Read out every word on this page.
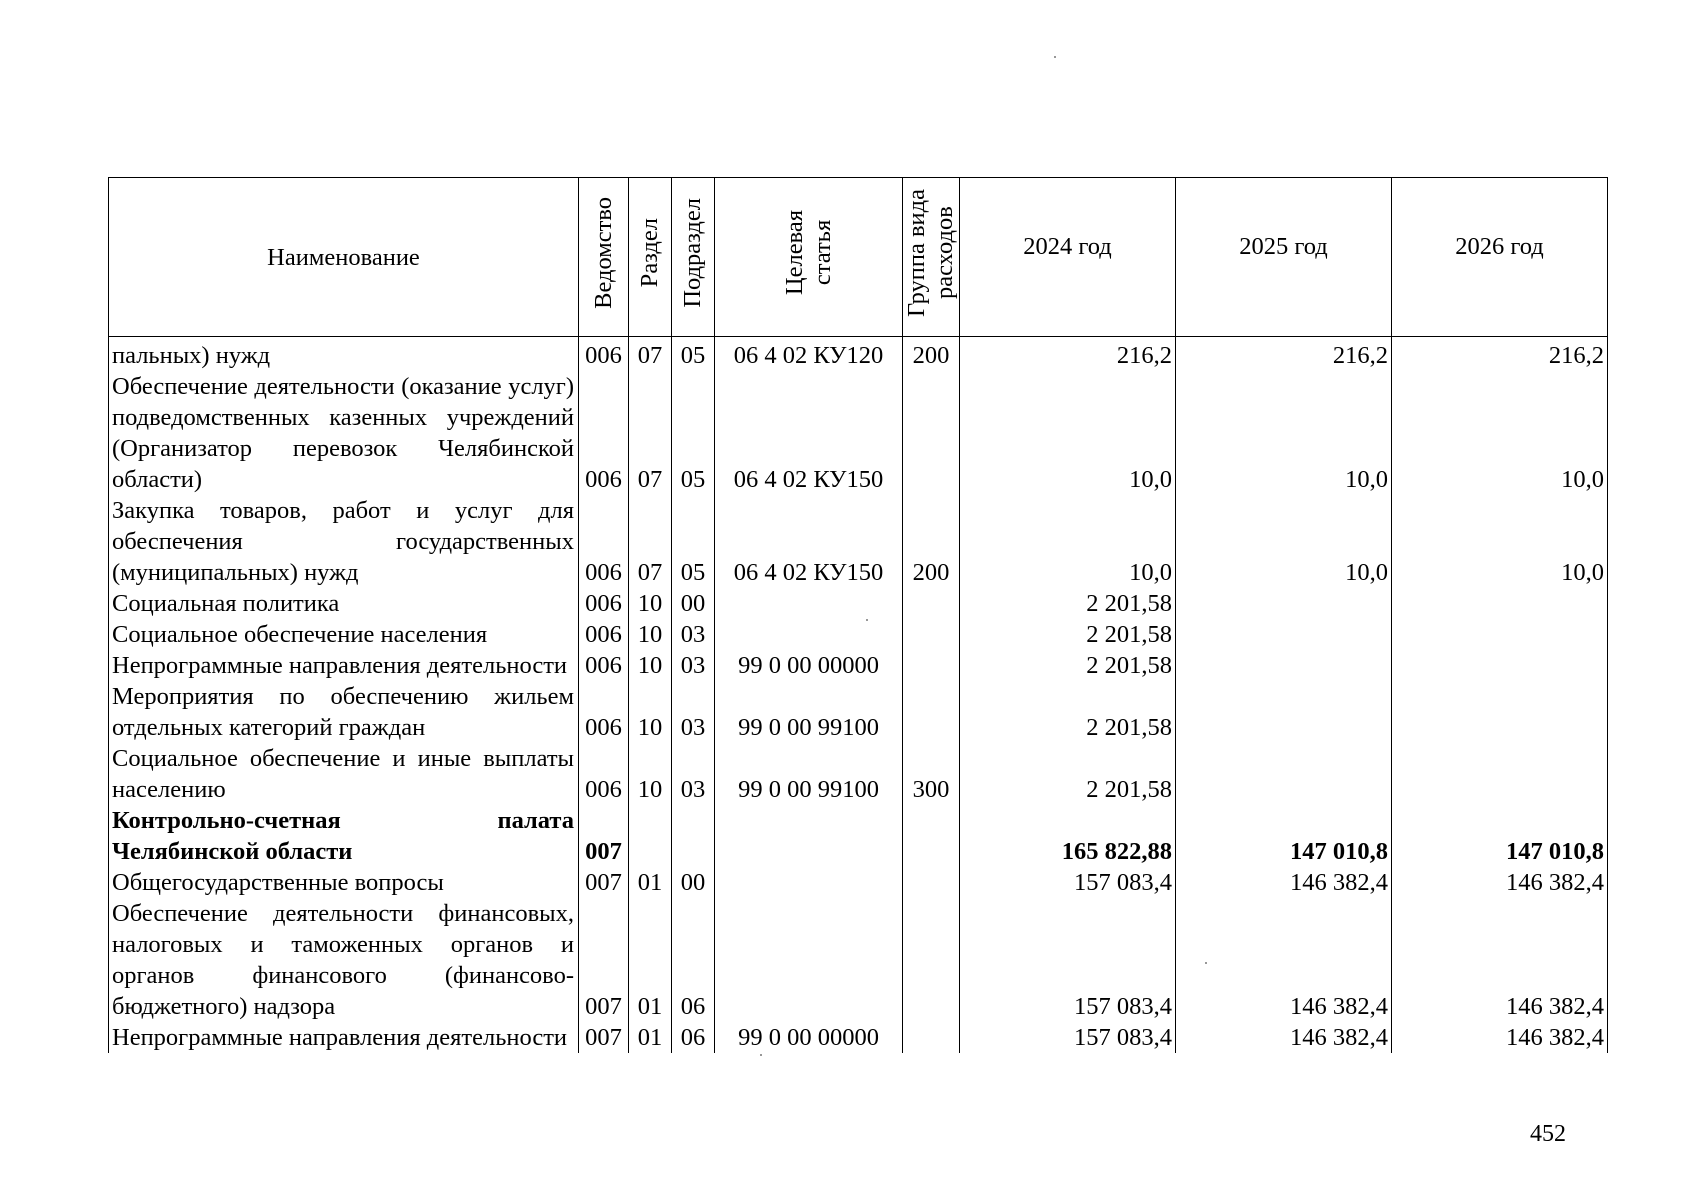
Наименование	Ведомство	Раздел	Подраздел	Целевая
статья	Группа вида
расходов	2024 год	2025 год	2026 год

пальных) нужд	006	07	05	06 4 02 КУ120	200	216,2	216,2	216,2
Обеспечение деятельности (оказание услуг) подведомственных казенных учреждений (Организатор перевозок Челябинской области)	006	07	05	06 4 02 КУ150		10,0	10,0	10,0
Закупка товаров, работ и услуг для обеспечения государственных (муниципальных) нужд	006	07	05	06 4 02 КУ150	200	10,0	10,0	10,0
Социальная политика	006	10	00			2 201,58		
Социальное обеспечение населения	006	10	03			2 201,58		
Непрограммные направления деятельности	006	10	03	99 0 00 00000		2 201,58		
Мероприятия по обеспечению жильем отдельных категорий граждан	006	10	03	99 0 00 99100		2 201,58		
Социальное обеспечение и иные выплаты населению	006	10	03	99 0 00 99100	300	2 201,58		
Контрольно-счетная палата Челябинской области	007					165 822,88	147 010,8	147 010,8
Общегосударственные вопросы	007	01	00			157 083,4	146 382,4	146 382,4
Обеспечение деятельности финансовых, налоговых и таможенных органов и органов финансового (финансово-бюджетного) надзора	007	01	06			157 083,4	146 382,4	146 382,4
Непрограммные направления деятельности	007	01	06	99 0 00 00000		157 083,4	146 382,4	146 382,4
452
